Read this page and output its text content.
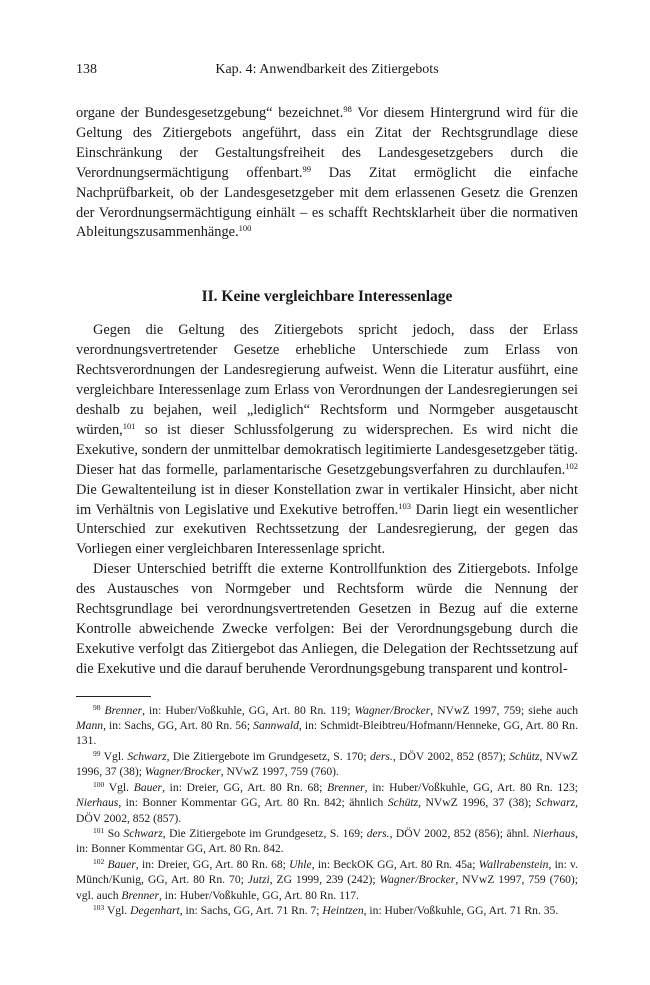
138	Kap. 4: Anwendbarkeit des Zitiergebots

organe der Bundesgesetzgebung“ bezeichnet.$^{98}$ Vor diesem Hintergrund wird für die Geltung des Zitiergebots angeführt, dass ein Zitat der Rechtsgrundlage diese Einschränkung der Gestaltungsfreiheit des Landesgesetzgebers durch die Verordnungsermächtigung offenbart.$^{99}$ Das Zitat ermöglicht die einfache Nachprüfbarkeit, ob der Landesgesetzgeber mit dem erlassenen Gesetz die Grenzen der Verordnungsermächtigung einhält – es schafft Rechtsklarheit über die normativen Ableitungszusammenhänge.$^{100}$

II. Keine vergleichbare Interessenlage

Gegen die Geltung des Zitiergebots spricht jedoch, dass der Erlass verordnungsvertretender Gesetze erhebliche Unterschiede zum Erlass von Rechtsverordnungen der Landesregierung aufweist. Wenn die Literatur ausführt, eine vergleichbare Interessenlage zum Erlass von Verordnungen der Landesregierungen sei deshalb zu bejahen, weil „lediglich“ Rechtsform und Normgeber ausgetauscht würden,$^{101}$ so ist dieser Schlussfolgerung zu widersprechen. Es wird nicht die Exekutive, sondern der unmittelbar demokratisch legitimierte Landesgesetzgeber tätig. Dieser hat das formelle, parlamentarische Gesetzgebungsverfahren zu durchlaufen.$^{102}$ Die Gewaltenteilung ist in dieser Konstellation zwar in vertikaler Hinsicht, aber nicht im Verhältnis von Legislative und Exekutive betroffen.$^{103}$ Darin liegt ein wesentlicher Unterschied zur exekutiven Rechtssetzung der Landesregierung, der gegen das Vorliegen einer vergleichbaren Interessenlage spricht.

Dieser Unterschied betrifft die externe Kontrollfunktion des Zitiergebots. Infolge des Austausches von Normgeber und Rechtsform würde die Nennung der Rechtsgrundlage bei verordnungsvertretenden Gesetzen in Bezug auf die externe Kontrolle abweichende Zwecke verfolgen: Bei der Verordnungsgebung durch die Exekutive verfolgt das Zitiergebot das Anliegen, die Delegation der Rechtssetzung auf die Exekutive und die darauf beruhende Verordnungsgebung transparent und kontrol-

$^{98}$ Brenner, in: Huber/Voßkuhle, GG, Art. 80 Rn. 119; Wagner/Brocker, NVwZ 1997, 759; siehe auch Mann, in: Sachs, GG, Art. 80 Rn. 56; Sannwald, in: Schmidt-Bleibtreu/Hofmann/Henneke, GG, Art. 80 Rn. 131.

$^{99}$ Vgl. Schwarz, Die Zitiergebote im Grundgesetz, S. 170; ders., DÖV 2002, 852 (857); Schütz, NVwZ 1996, 37 (38); Wagner/Brocker, NVwZ 1997, 759 (760).

$^{100}$ Vgl. Bauer, in: Dreier, GG, Art. 80 Rn. 68; Brenner, in: Huber/Voßkuhle, GG, Art. 80 Rn. 123; Nierhaus, in: Bonner Kommentar GG, Art. 80 Rn. 842; ähnlich Schütz, NVwZ 1996, 37 (38); Schwarz, DÖV 2002, 852 (857).

$^{101}$ So Schwarz, Die Zitiergebote im Grundgesetz, S. 169; ders., DÖV 2002, 852 (856); ähnl. Nierhaus, in: Bonner Kommentar GG, Art. 80 Rn. 842.

$^{102}$ Bauer, in: Dreier, GG, Art. 80 Rn. 68; Uhle, in: BeckOK GG, Art. 80 Rn. 45a; Wallrabenstein, in: v. Münch/Kunig, GG, Art. 80 Rn. 70; Jutzi, ZG 1999, 239 (242); Wagner/Brocker, NVwZ 1997, 759 (760); vgl. auch Brenner, in: Huber/Voßkuhle, GG, Art. 80 Rn. 117.

$^{103}$ Vgl. Degenhart, in: Sachs, GG, Art. 71 Rn. 7; Heintzen, in: Huber/Voßkuhle, GG, Art. 71 Rn. 35.
